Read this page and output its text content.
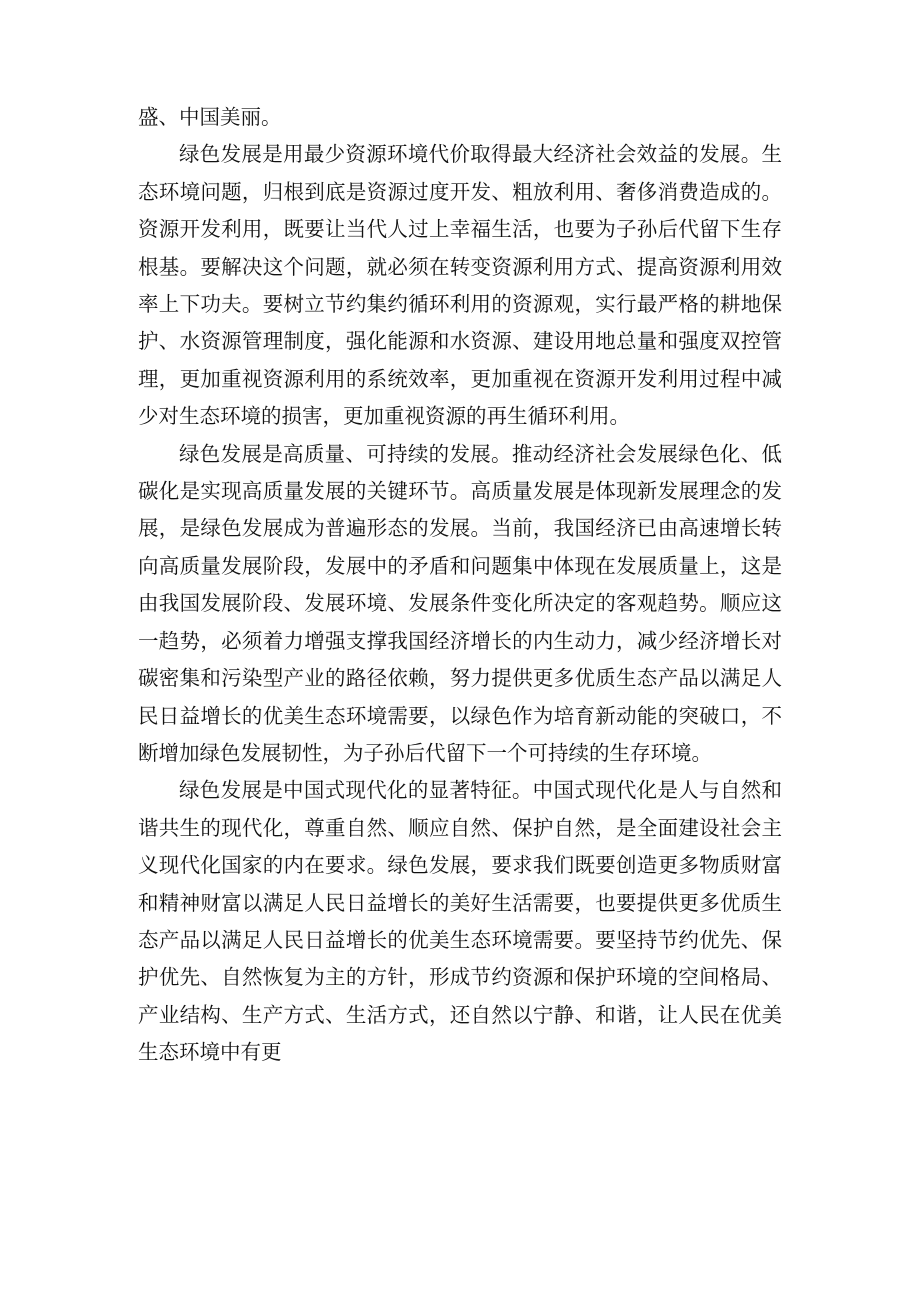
盛、中国美丽。

绿色发展是用最少资源环境代价取得最大经济社会效益的发展。生态环境问题，归根到底是资源过度开发、粗放利用、奢侈消费造成的。资源开发利用，既要让当代人过上幸福生活，也要为子孙后代留下生存根基。要解决这个问题，就必须在转变资源利用方式、提高资源利用效率上下功夫。要树立节约集约循环利用的资源观，实行最严格的耕地保护、水资源管理制度，强化能源和水资源、建设用地总量和强度双控管理，更加重视资源利用的系统效率，更加重视在资源开发利用过程中减少对生态环境的损害，更加重视资源的再生循环利用。

绿色发展是高质量、可持续的发展。推动经济社会发展绿色化、低碳化是实现高质量发展的关键环节。高质量发展是体现新发展理念的发展，是绿色发展成为普遍形态的发展。当前，我国经济已由高速增长转向高质量发展阶段，发展中的矛盾和问题集中体现在发展质量上，这是由我国发展阶段、发展环境、发展条件变化所决定的客观趋势。顺应这一趋势，必须着力增强支撑我国经济增长的内生动力，减少经济增长对碳密集和污染型产业的路径依赖，努力提供更多优质生态产品以满足人民日益增长的优美生态环境需要，以绿色作为培育新动能的突破口，不断增加绿色发展韧性，为子孙后代留下一个可持续的生存环境。

绿色发展是中国式现代化的显著特征。中国式现代化是人与自然和谐共生的现代化，尊重自然、顺应自然、保护自然，是全面建设社会主义现代化国家的内在要求。绿色发展，要求我们既要创造更多物质财富和精神财富以满足人民日益增长的美好生活需要，也要提供更多优质生态产品以满足人民日益增长的优美生态环境需要。要坚持节约优先、保护优先、自然恢复为主的方针，形成节约资源和保护环境的空间格局、产业结构、生产方式、生活方式，还自然以宁静、和谐，让人民在优美生态环境中有更
